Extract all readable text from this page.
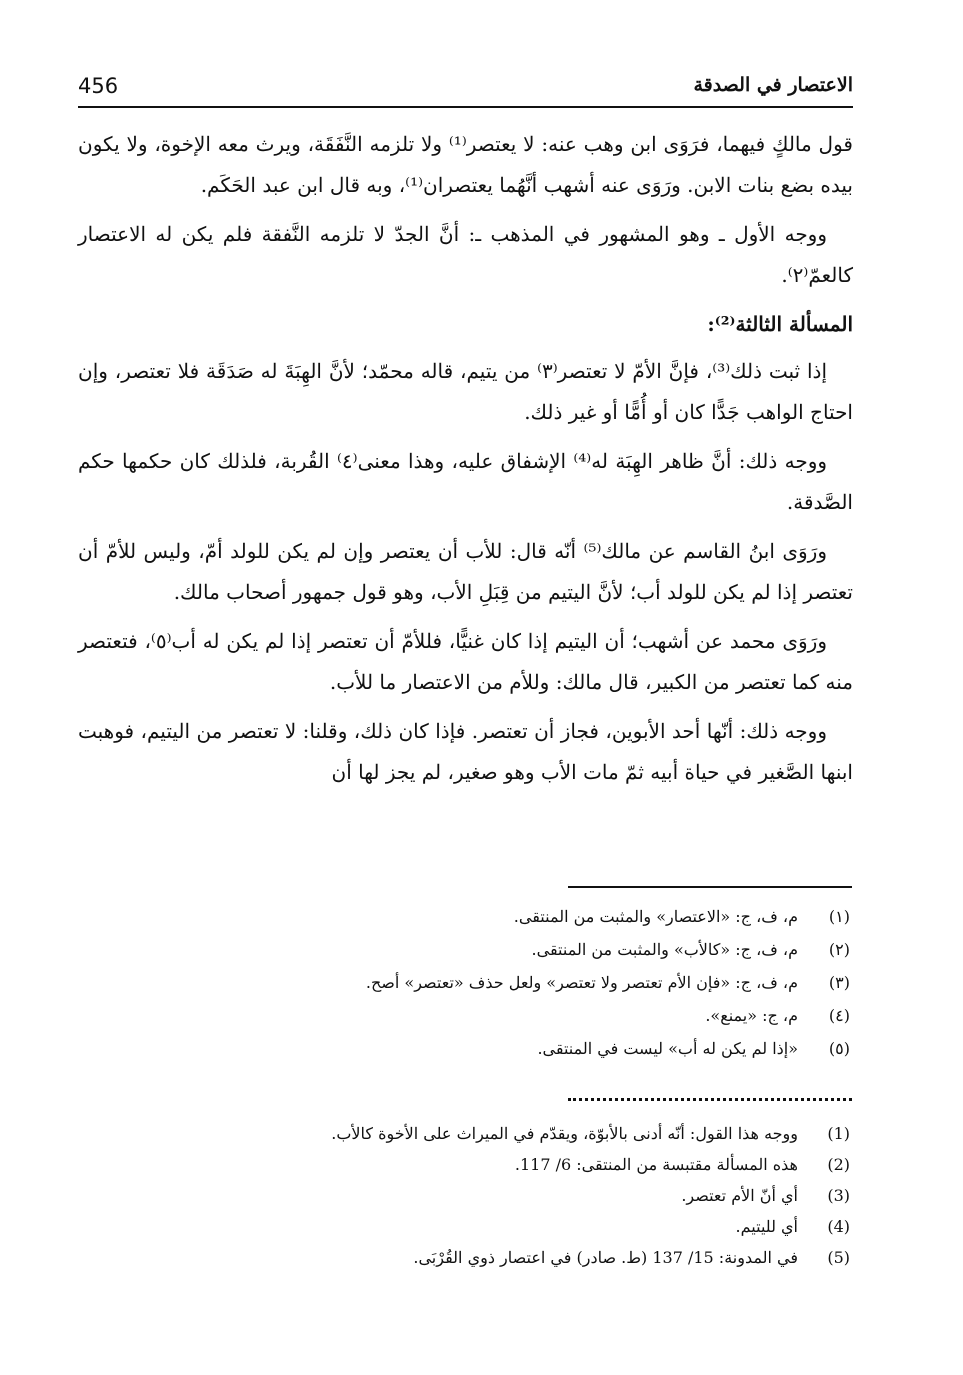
456	الاعتصار في الصدقة

قول مالكٍ فيهما، فرَوَى ابن وهب عنه: لا يعتصر⁽¹⁾ ولا تلزمه النَّفَقَة، ويرث معه الإخوة، ولا يكون بيده بضع بنات الابن. ورَوَى عنه أشهب أنَّهُما يعتصران⁽¹⁾، وبه قال ابن عبد الحَكَم.

ووجه الأول ـ وهو المشهور في المذهب ـ: أنَّ الجدّ لا تلزمه النَّفقة فلم يكن له الاعتصار كالعمّ⁽٢⁾.

المسألة الثالثة⁽²⁾:

إذا ثبت ذلك⁽³⁾، فإنَّ الأمّ لا تعتصر⁽٣⁾ من يتيم، قاله محمّد؛ لأنَّ الهِبَةَ له صَدَقَة فلا تعتصر، وإن احتاج الواهب جَدًّا كان أو أُمًّا أو غير ذلك.

ووجه ذلك: أنَّ ظاهر الهِبَة له⁽⁴⁾ الإشفاق عليه، وهذا معنى⁽٤⁾ القُربة، فلذلك كان حكمها حكم الصَّدقة.

ورَوَى ابنُ القاسم عن مالك⁽⁵⁾ أنّه قال: للأب أن يعتصر وإن لم يكن للولد أمّ، وليس للأمّ أن تعتصر إذا لم يكن للولد أب؛ لأنَّ اليتيم من قِبَلِ الأب، وهو قول جمهور أصحاب مالك.

ورَوَى محمد عن أشهب؛ أن اليتيم إذا كان غنيًّا، فللأمّ أن تعتصر إذا لم يكن له أب⁽٥⁾، فتعتصر منه كما تعتصر من الكبير، قال مالك: وللأم من الاعتصار ما للأب.

ووجه ذلك: أنّها أحد الأبوين، فجاز أن تعتصر. فإذا كان ذلك، وقلنا: لا تعتصر من اليتيم، فوهبت ابنها الصَّغير في حياة أبيه ثمّ مات الأب وهو صغير، لم يجز لها أن

(١)
م، ف، ج: «الاعتصار» والمثبت من المنتقى.
(٢)
م، ف، ج: «كالأب» والمثبت من المنتقى.
(٣)
م، ف، ج: «فإن الأم تعتصر ولا تعتصر» ولعل حذف «تعتصر» أصح.
(٤)
م، ج: «يمنع».
(٥)
«إذا لم يكن له أب» ليست في المنتقى.
(1)
ووجه هذا القول: أنّه أدنى بالأبوّة، ويقدّم في الميراث على الأخوة كالأب.
(2)
هذه المسألة مقتبسة من المنتقى: 6/ 117.
(3)
أي أنّ الأم تعتصر.
(4)
أي لليتيم.
(5)
في المدونة: 15/ 137 (ط. صادر) في اعتصار ذوي القُرْبَى.
